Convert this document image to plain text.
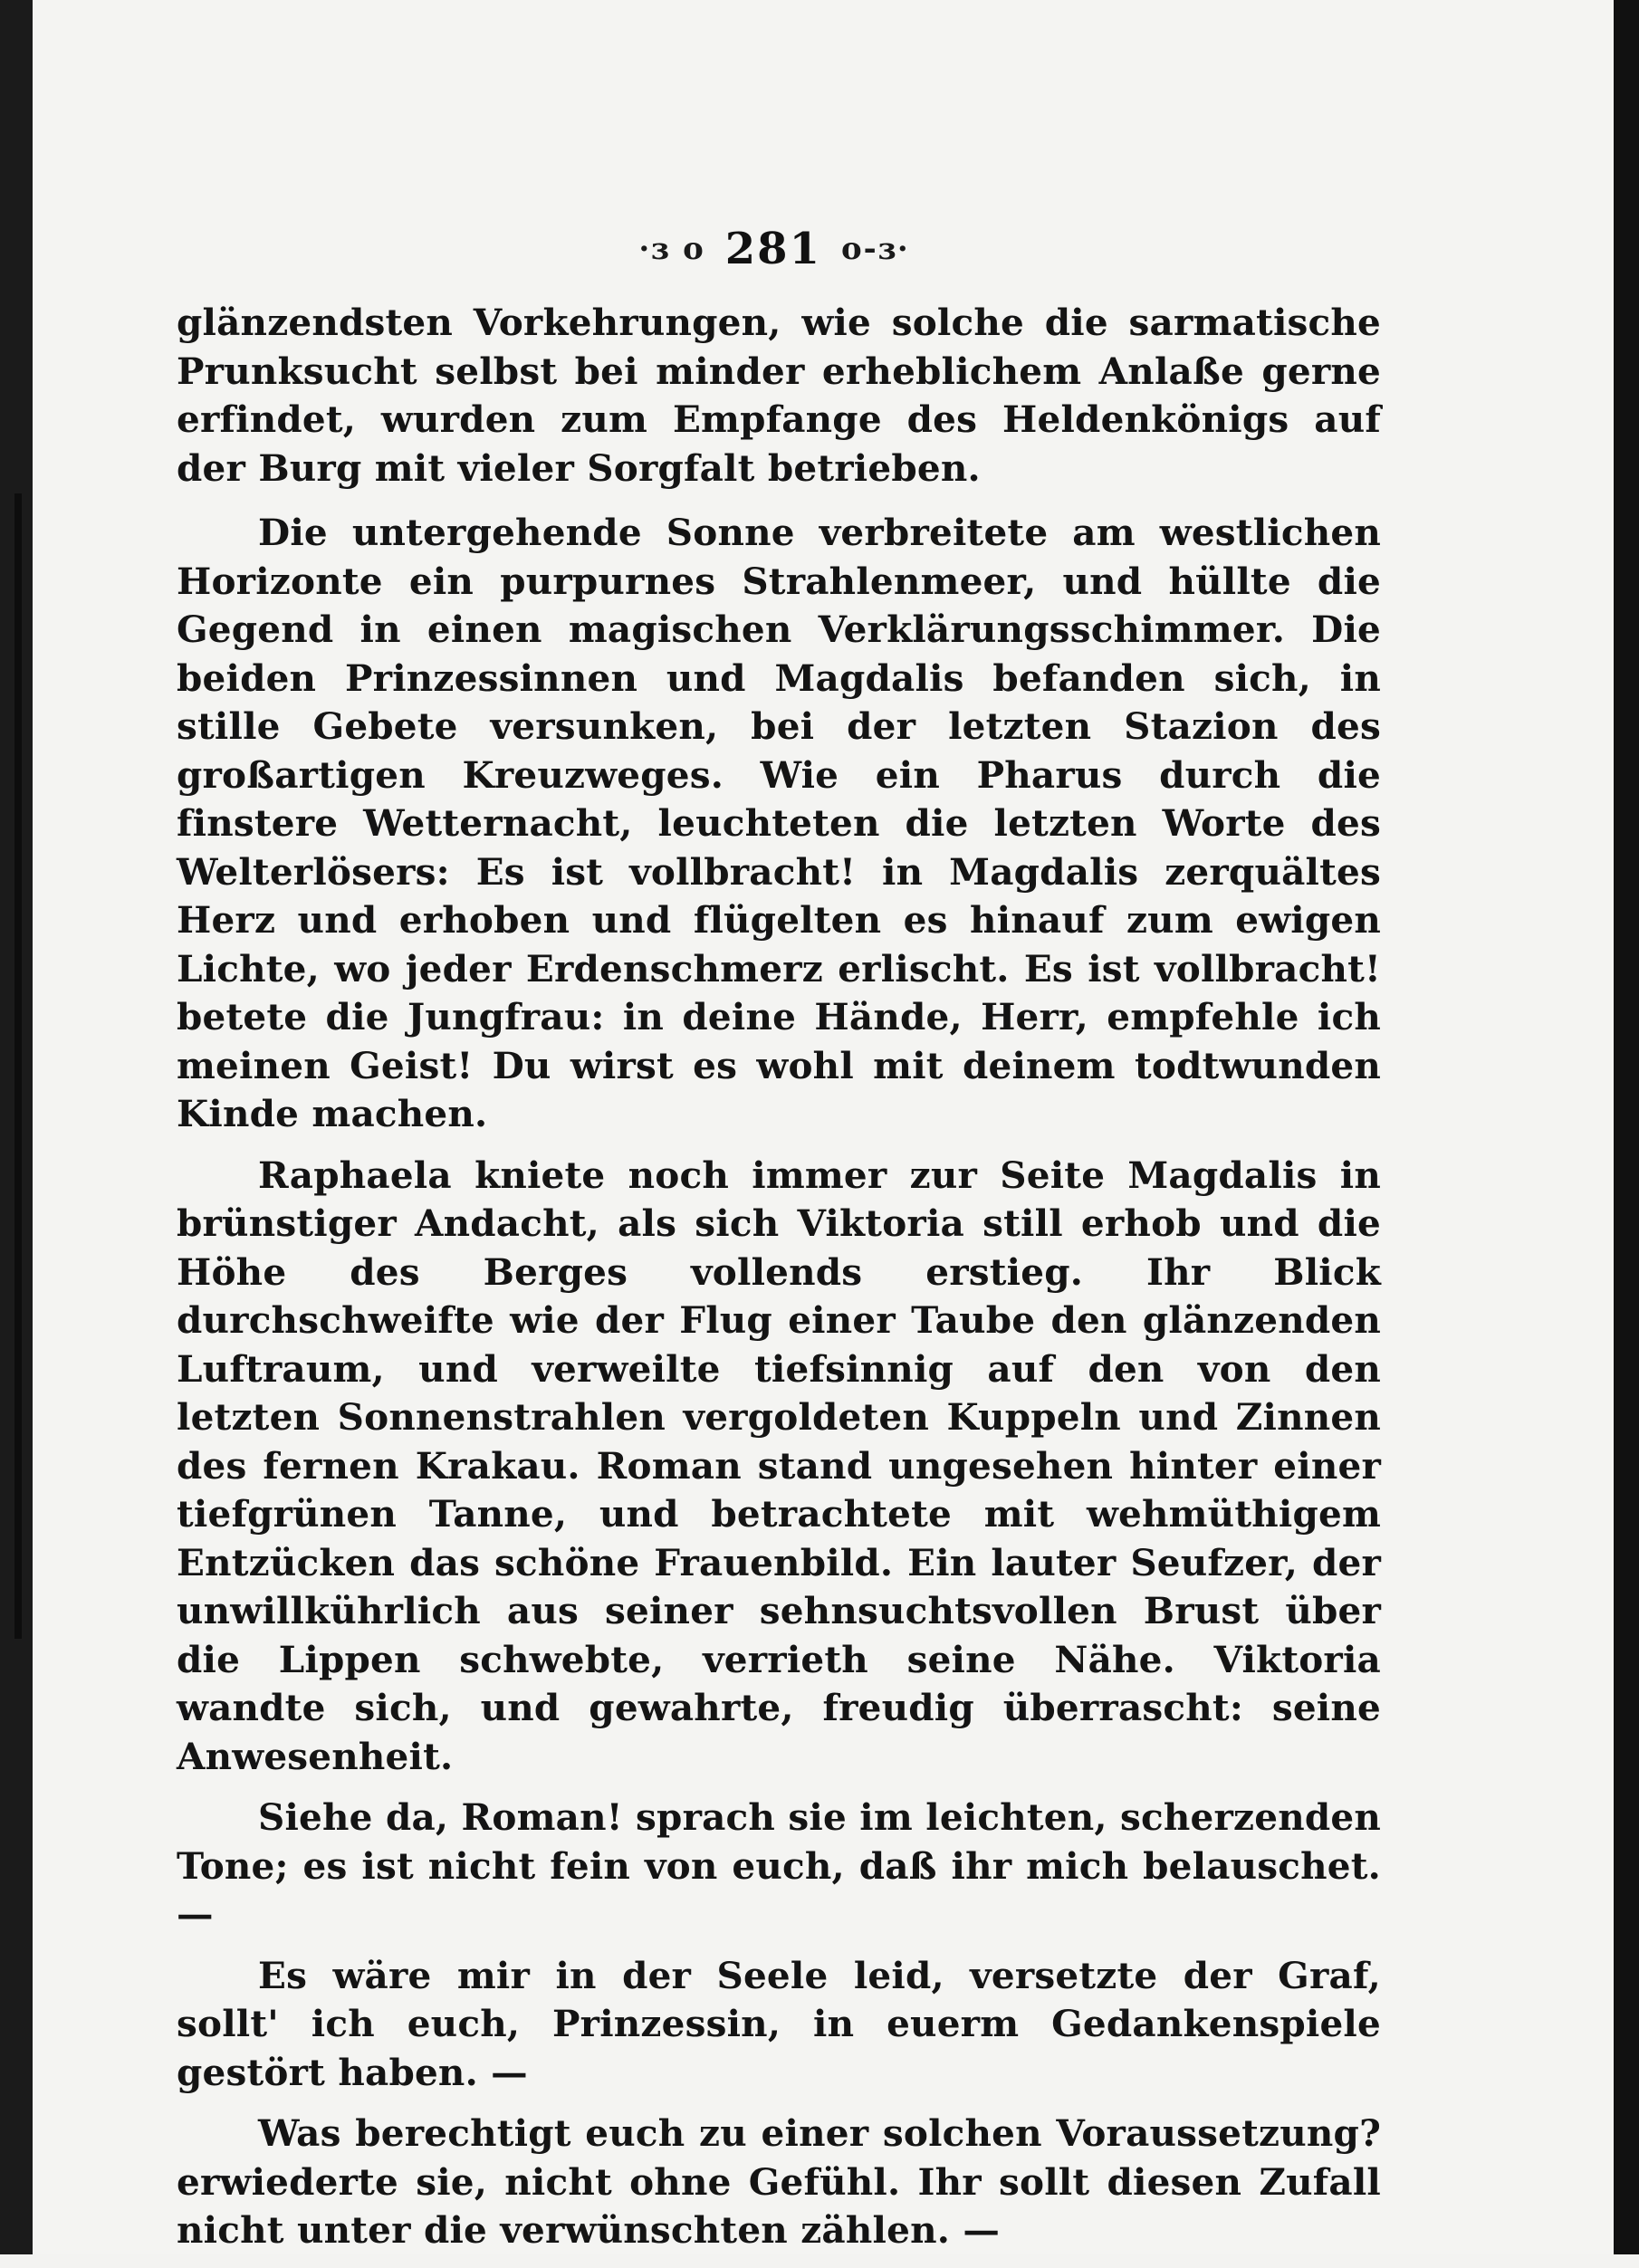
·ɜ o 281 o-ɜ·

glänzendsten Vorkehrungen, wie solche die sarmatische Prunksucht selbst bei minder erheblichem Anlaße gerne erfindet, wurden zum Empfange des Heldenkönigs auf der Burg mit vieler Sorgfalt betrieben.

Die untergehende Sonne verbreitete am westlichen Horizonte ein purpurnes Strahlenmeer, und hüllte die Gegend in einen magischen Verklärungsschimmer. Die beiden Prinzessinnen und Magdalis befanden sich, in stille Gebete versunken, bei der letzten Stazion des großartigen Kreuzweges. Wie ein Pharus durch die finstere Wetternacht, leuchteten die letzten Worte des Welterlösers: Es ist vollbracht! in Magdalis zerquältes Herz und erhoben und flügelten es hinauf zum ewigen Lichte, wo jeder Erdenschmerz erlischt. Es ist vollbracht! betete die Jungfrau: in deine Hände, Herr, empfehle ich meinen Geist! Du wirst es wohl mit deinem todtwunden Kinde machen.

Raphaela kniete noch immer zur Seite Magdalis in brünstiger Andacht, als sich Viktoria still erhob und die Höhe des Berges vollends erstieg. Ihr Blick durchschweifte wie der Flug einer Taube den glänzenden Luftraum, und verweilte tiefsinnig auf den von den letzten Sonnenstrahlen vergoldeten Kuppeln und Zinnen des fernen Krakau. Roman stand ungesehen hinter einer tiefgrünen Tanne, und betrachtete mit wehmüthigem Entzücken das schöne Frauenbild. Ein lauter Seufzer, der unwillkührlich aus seiner sehnsuchtsvollen Brust über die Lippen schwebte, verrieth seine Nähe. Viktoria wandte sich, und gewahrte, freudig überrascht: seine Anwesenheit.

Siehe da, Roman! sprach sie im leichten, scherzenden Tone; es ist nicht fein von euch, daß ihr mich belauschet. —

Es wäre mir in der Seele leid, versetzte der Graf, sollt' ich euch, Prinzessin, in euerm Gedankenspiele gestört haben. —

Was berechtigt euch zu einer solchen Voraussetzung? erwiederte sie, nicht ohne Gefühl. Ihr sollt diesen Zufall nicht unter die verwünschten zählen. —
